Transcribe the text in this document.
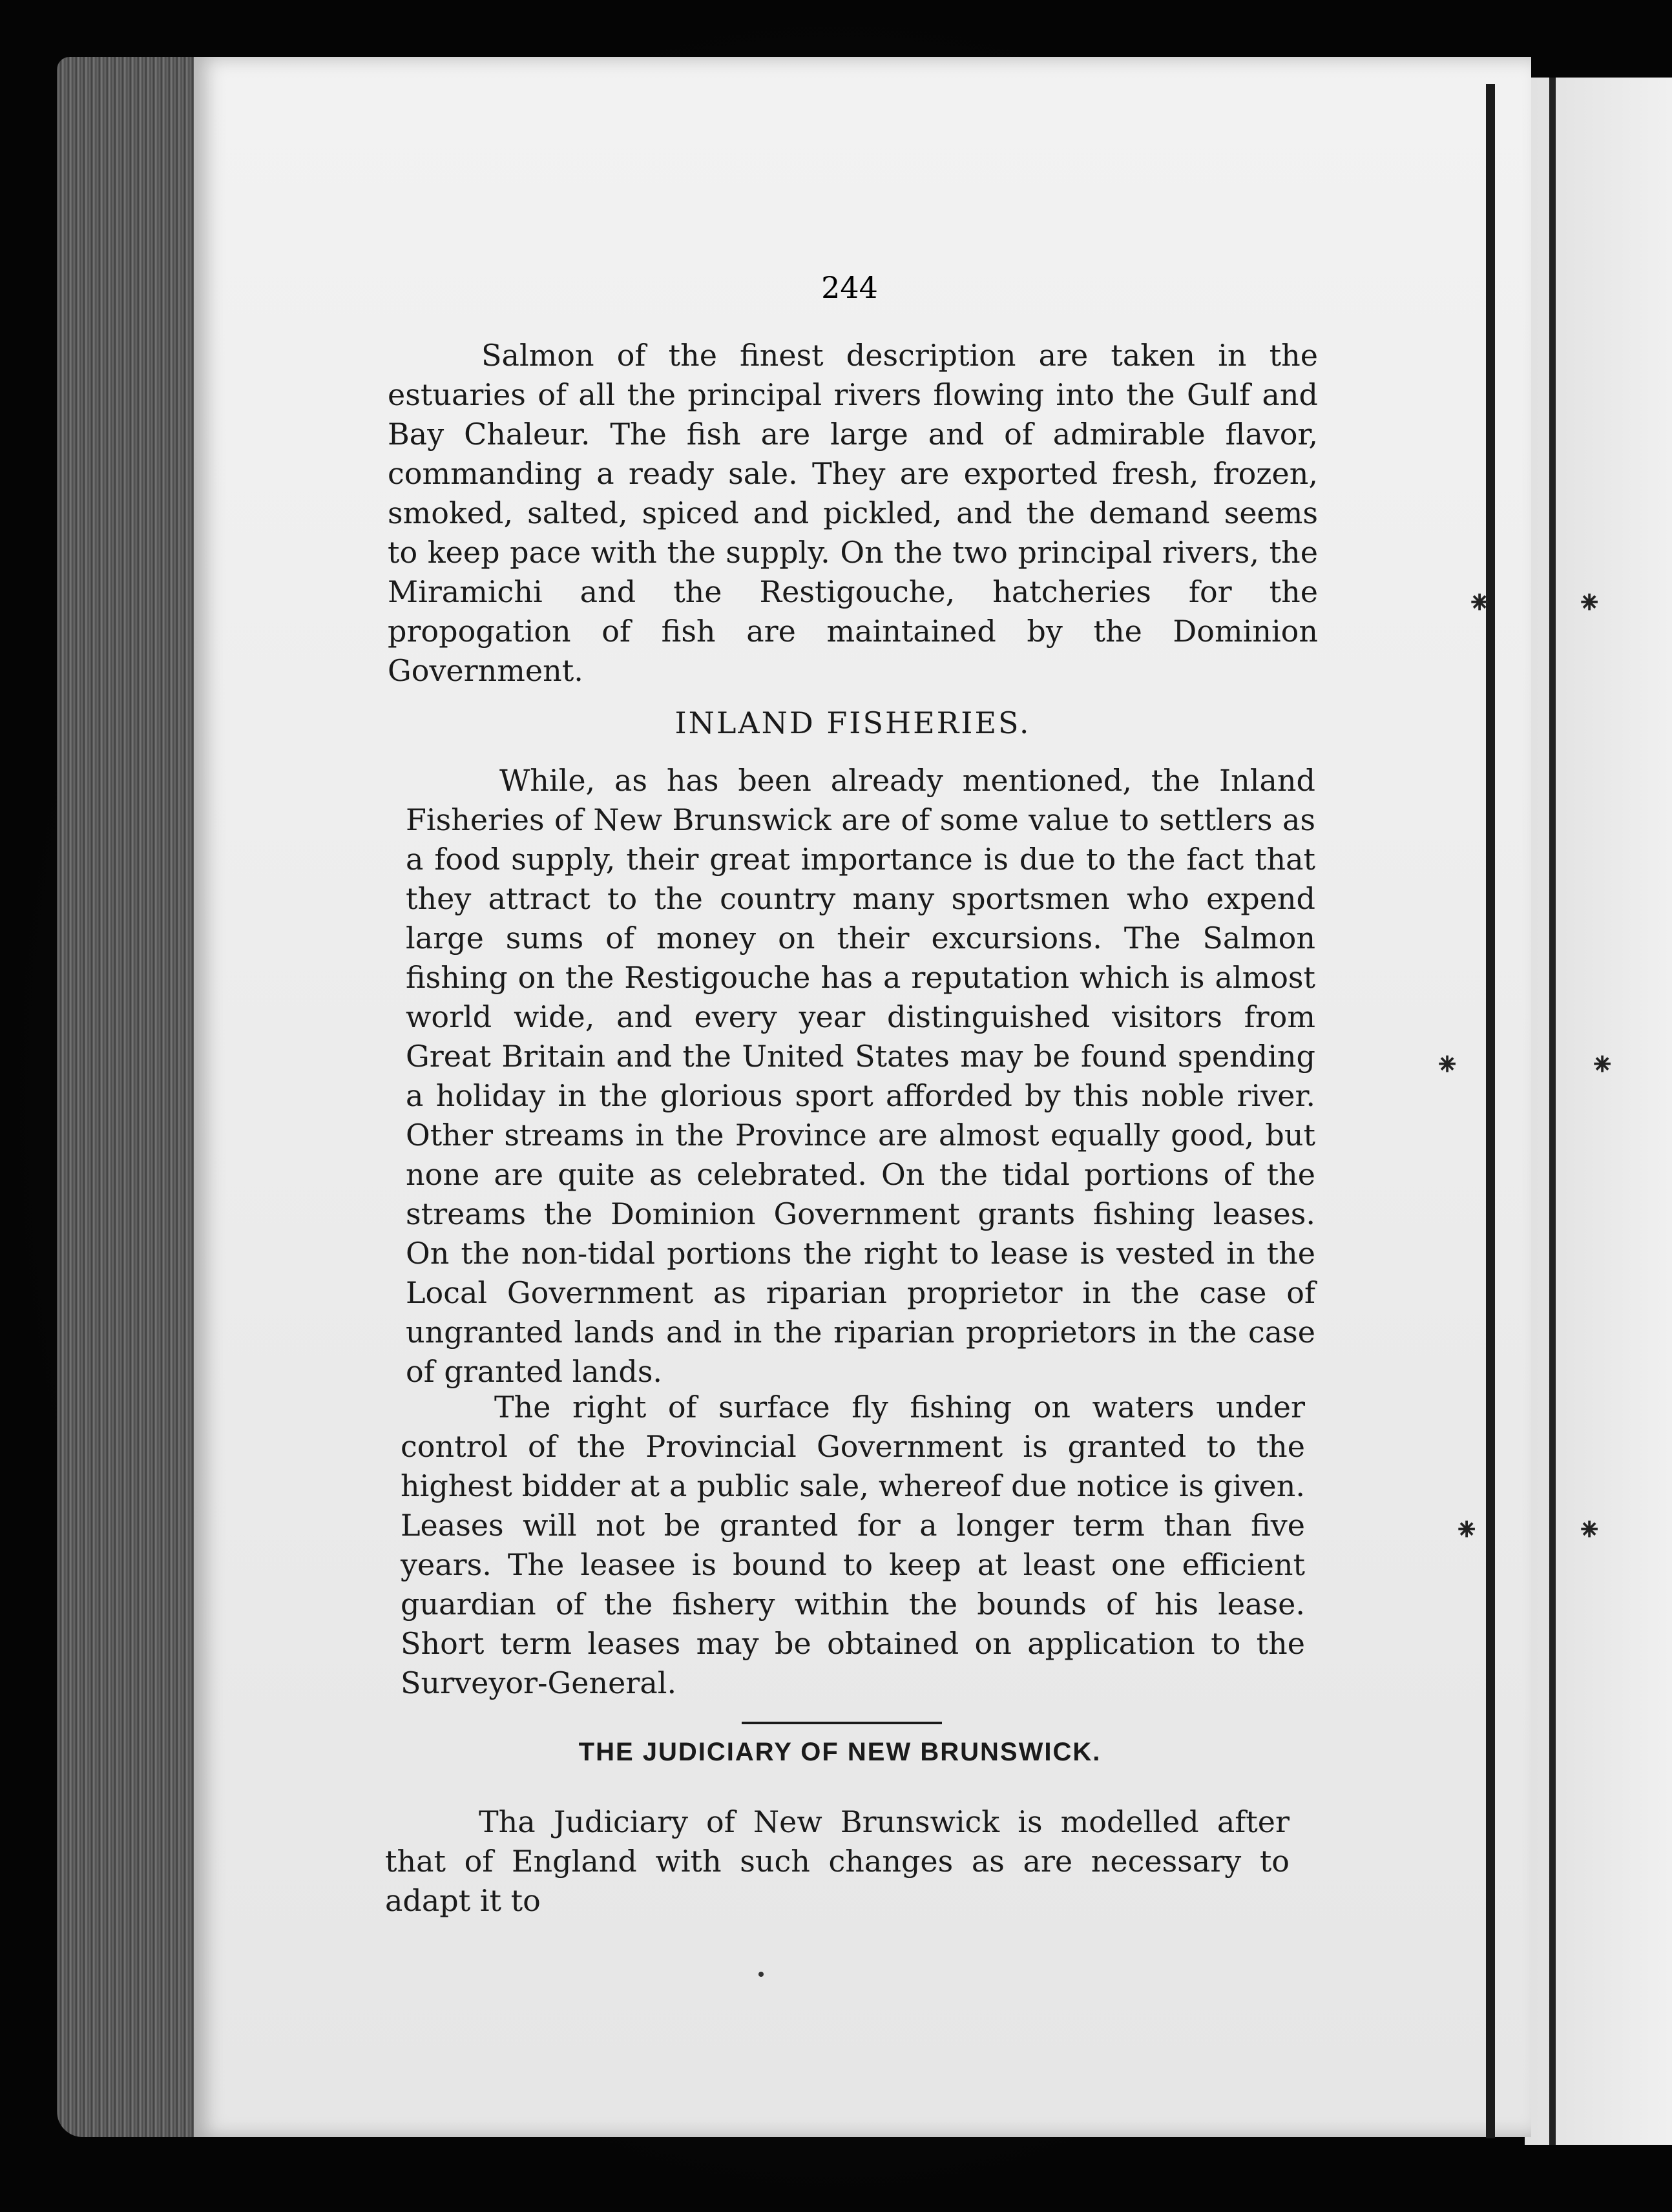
244
Salmon of the finest description are taken in the estuaries of all the principal rivers flowing into the Gulf and Bay Chaleur. The fish are large and of admirable flavor, commanding a ready sale. They are exported fresh, frozen, smoked, salted, spiced and pickled, and the demand seems to keep pace with the supply. On the two principal rivers, the Miramichi and the Restigouche, hatcheries for the propogation of fish are maintained by the Dominion Government.
INLAND FISHERIES.
While, as has been already mentioned, the Inland Fisheries of New Brunswick are of some value to settlers as a food supply, their great importance is due to the fact that they attract to the country many sportsmen who expend large sums of money on their excursions. The Salmon fishing on the Restigouche has a reputation which is almost world wide, and every year distinguished visitors from Great Britain and the United States may be found spending a holiday in the glorious sport afforded by this noble river. Other streams in the Province are almost equally good, but none are quite as celebrated. On the tidal portions of the streams the Dominion Government grants fishing leases. On the non-tidal portions the right to lease is vested in the Local Government as riparian proprietor in the case of ungranted lands and in the riparian proprietors in the case of granted lands.
The right of surface fly fishing on waters under control of the Provincial Government is granted to the highest bidder at a public sale, whereof due notice is given. Leases will not be granted for a longer term than five years. The leasee is bound to keep at least one efficient guardian of the fishery within the bounds of his lease. Short term leases may be obtained on application to the Surveyor-General.
THE JUDICIARY OF NEW BRUNSWICK.
Tha Judiciary of New Brunswick is modelled after that of England with such changes as are necessary to adapt it to
⁕	⁕
⁕	⁕
⁕	⁕
